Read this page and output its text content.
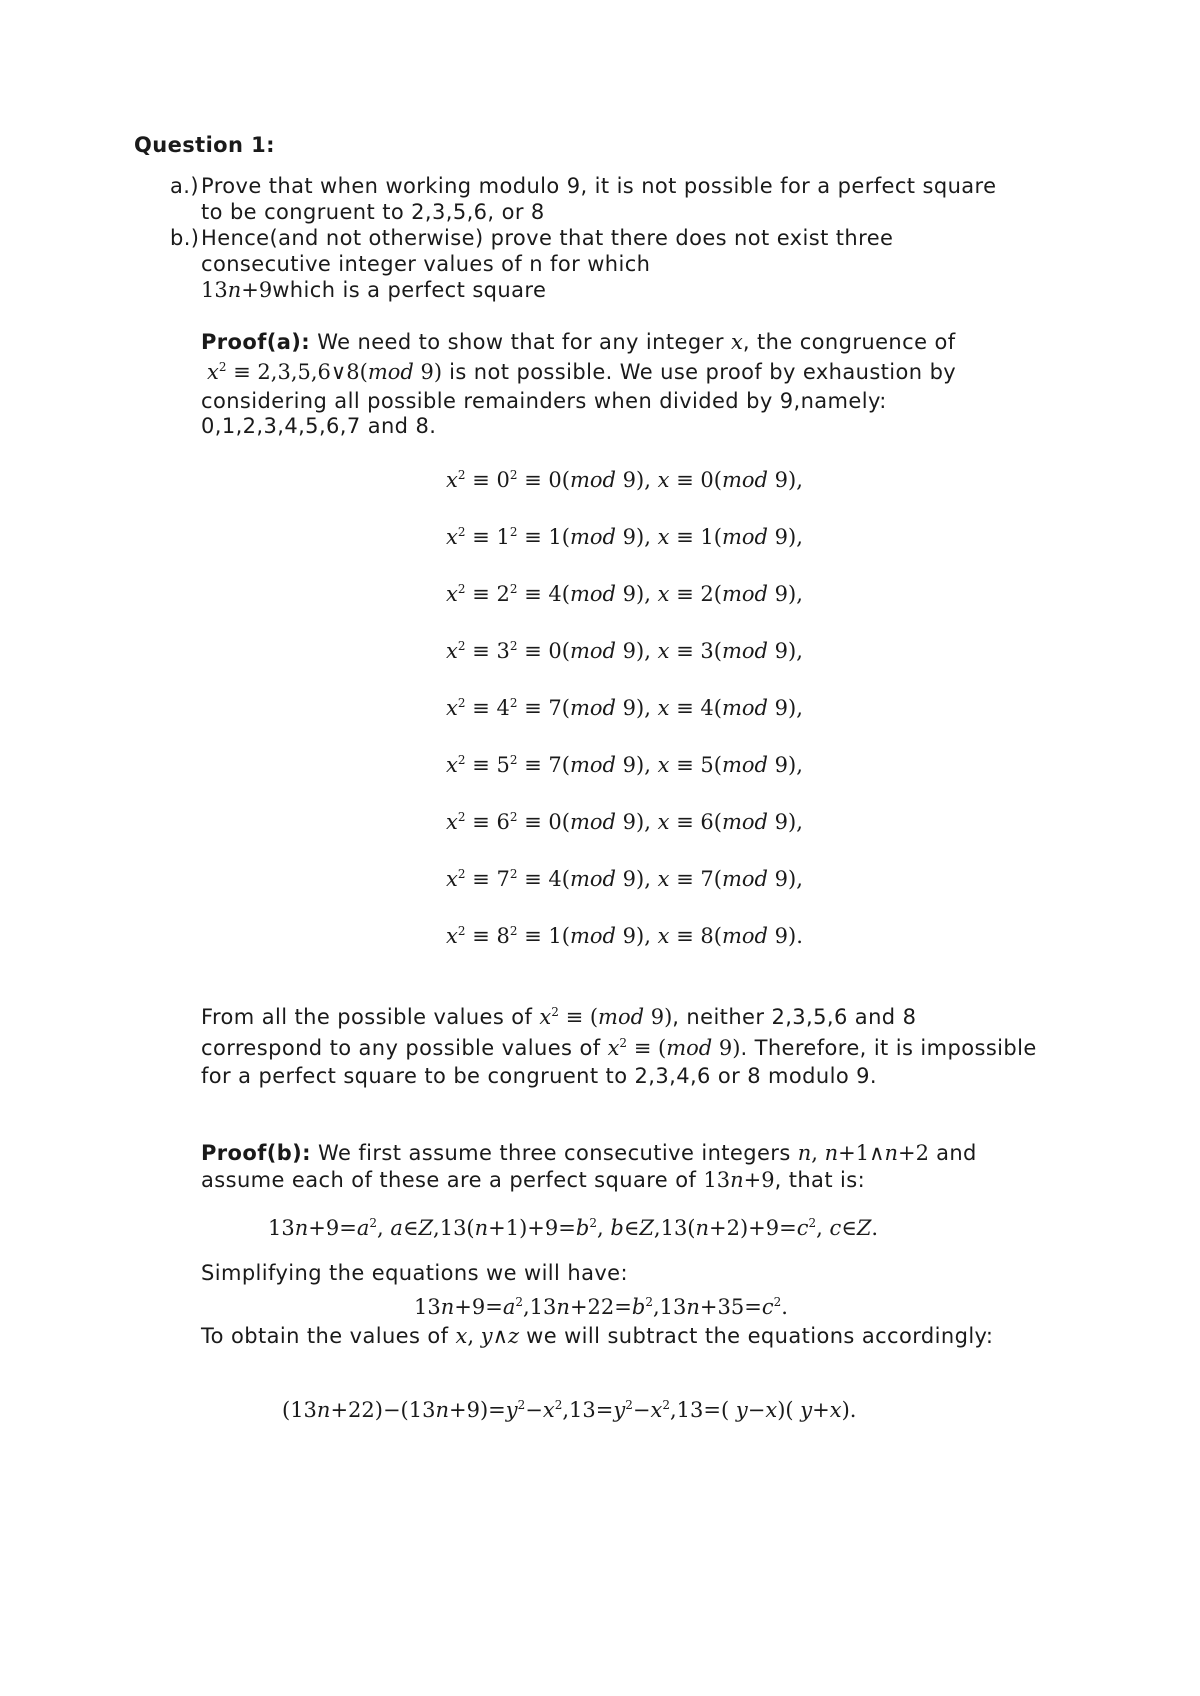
Question 1:
a.) Prove that when working modulo 9, it is not possible for a perfect square
to be congruent to 2,3,5,6, or 8
b.) Hence(and not otherwise) prove that there does not exist three
consecutive integer values of n for which
13n+9which is a perfect square
Proof(a): We need to show that for any integer x, the congruence of
$x^2$ ≡ 2,3,5,6∨8(mod 9) is not possible. We use proof by exhaustion by
considering all possible remainders when divided by 9,namely:
0,1,2,3,4,5,6,7 and 8.
$x^2 \equiv 0^2 \equiv 0(mod$ 9), x ≡ 0(mod 9),
$x^2 \equiv 1^2 \equiv 1(mod$ 9), x ≡ 1(mod 9),
$x^2 \equiv 2^2 \equiv 4(mod$ 9), x ≡ 2(mod 9),
$x^2 \equiv 3^2 \equiv 0(mod$ 9), x ≡ 3(mod 9),
$x^2 \equiv 4^2 \equiv 7(mod$ 9), x ≡ 4(mod 9),
$x^2 \equiv 5^2 \equiv 7(mod$ 9), x ≡ 5(mod 9),
$x^2 \equiv 6^2 \equiv 0(mod$ 9), x ≡ 6(mod 9),
$x^2 \equiv 7^2 \equiv 4(mod$ 9), x ≡ 7(mod 9),
$x^2 \equiv 8^2 \equiv 1(mod$ 9), x ≡ 8(mod 9).
From all the possible values of $x^2 \equiv (mod$ 9), neither 2,3,5,6 and 8
correspond to any possible values of $x^2 \equiv (mod$ 9). Therefore, it is impossible
for a perfect square to be congruent to 2,3,4,6 or 8 modulo 9.
Proof(b): We first assume three consecutive integers n, n+1∧n+2 and
assume each of these are a perfect square of 13n+9, that is:
$13n+9=a^2$, $a\in Z,13(n+1)+9=b^2$, $b\in Z,13(n+2)+9=c^2$, c∈Z.
Simplifying the equations we will have:
$13n+9=a^2,13n+22=b^2,13n+35=c^2$.
To obtain the values of x, y∧z we will subtract the equations accordingly:
$(13n+22)-(13n+9)=y^2-x^2,13=y^2-x^2,13=$( y−x)( y+x).
